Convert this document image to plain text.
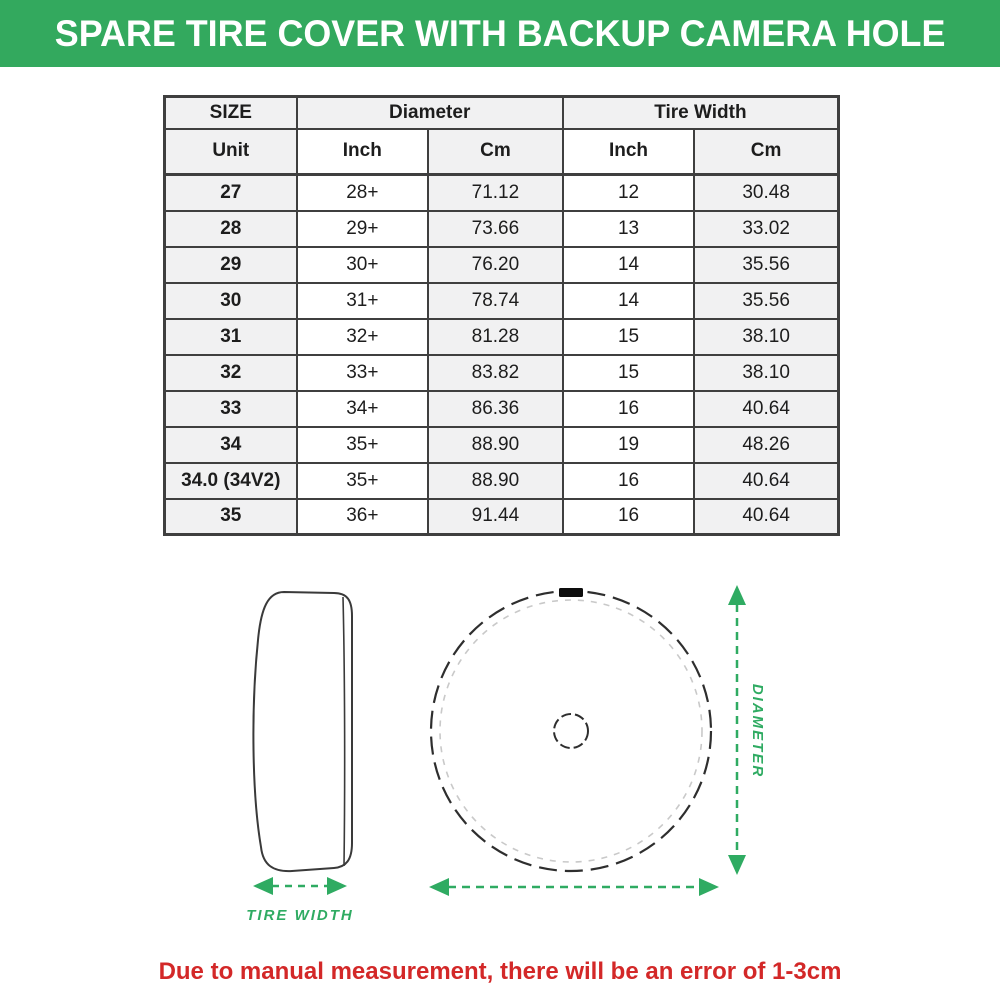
SPARE TIRE COVER WITH BACKUP CAMERA HOLE
SIZE	Diameter		Tire Width	
Unit	Inch	Cm	Inch	Cm
27	28+	71.12	12	30.48
28	29+	73.66	13	33.02
29	30+	76.20	14	35.56
30	31+	78.74	14	35.56
31	32+	81.28	15	38.10
32	33+	83.82	15	38.10
33	34+	86.36	16	40.64
34	35+	88.90	19	48.26
34.0 (34V2)	35+	88.90	16	40.64
35	36+	91.44	16	40.64
DIAMETER
TIRE WIDTH
Due to manual measurement, there will be an error of 1-3cm
